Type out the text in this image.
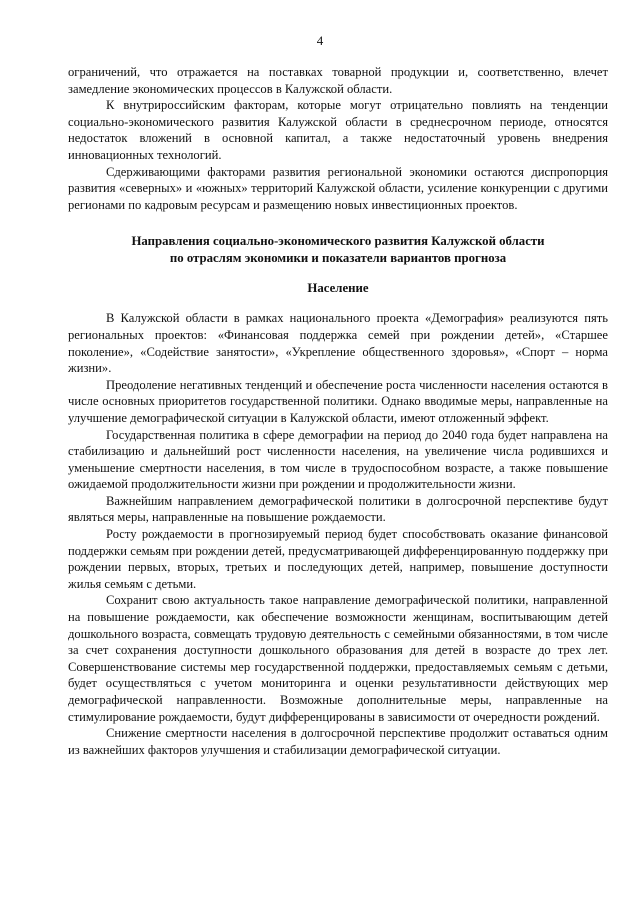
4

ограничений, что отражается на поставках товарной продукции и, соответственно, влечет замедление экономических процессов в Калужской области.

К внутрироссийским факторам, которые могут отрицательно повлиять на тенденции социально-экономического развития Калужской области в среднесрочном периоде, относятся недостаток вложений в основной капитал, а также недостаточный уровень внедрения инновационных технологий.

Сдерживающими факторами развития региональной экономики остаются диспропорция развития «северных» и «южных» территорий Калужской области, усиление конкуренции с другими регионами по кадровым ресурсам и размещению новых инвестиционных проектов.

Направления социально-экономического развития Калужской области
по отраслям экономики и показатели вариантов прогноза
Население

В Калужской области в рамках национального проекта «Демография» реализуются пять региональных проектов: «Финансовая поддержка семей при рождении детей», «Старшее поколение», «Содействие занятости», «Укрепление общественного здоровья», «Спорт – норма жизни».

Преодоление негативных тенденций и обеспечение роста численности населения остаются в числе основных приоритетов государственной политики. Однако вводимые меры, направленные на улучшение демографической ситуации в Калужской области, имеют отложенный эффект.

Государственная политика в сфере демографии на период до 2040 года будет направлена на стабилизацию и дальнейший рост численности населения, на увеличение числа родившихся и уменьшение смертности населения, в том числе в трудоспособном возрасте, а также повышение ожидаемой продолжительности жизни при рождении и продолжительности жизни.

Важнейшим направлением демографической политики в долгосрочной перспективе будут являться меры, направленные на повышение рождаемости.

Росту рождаемости в прогнозируемый период будет способствовать оказание финансовой поддержки семьям при рождении детей, предусматривающей дифференцированную поддержку при рождении первых, вторых, третьих и последующих детей, например, повышение доступности жилья семьям с детьми.

Сохранит свою актуальность такое направление демографической политики, направленной на повышение рождаемости, как обеспечение возможности женщинам, воспитывающим детей дошкольного возраста, совмещать трудовую деятельность с семейными обязанностями, в том числе за счет сохранения доступности дошкольного образования для детей в возрасте до трех лет. Совершенствование системы мер государственной поддержки, предоставляемых семьям с детьми, будет осуществляться с учетом мониторинга и оценки результативности действующих мер демографической направленности. Возможные дополнительные меры, направленные на стимулирование рождаемости, будут дифференцированы в зависимости от очередности рождений.

Снижение смертности населения в долгосрочной перспективе продолжит оставаться одним из важнейших факторов улучшения и стабилизации демографической ситуации.
